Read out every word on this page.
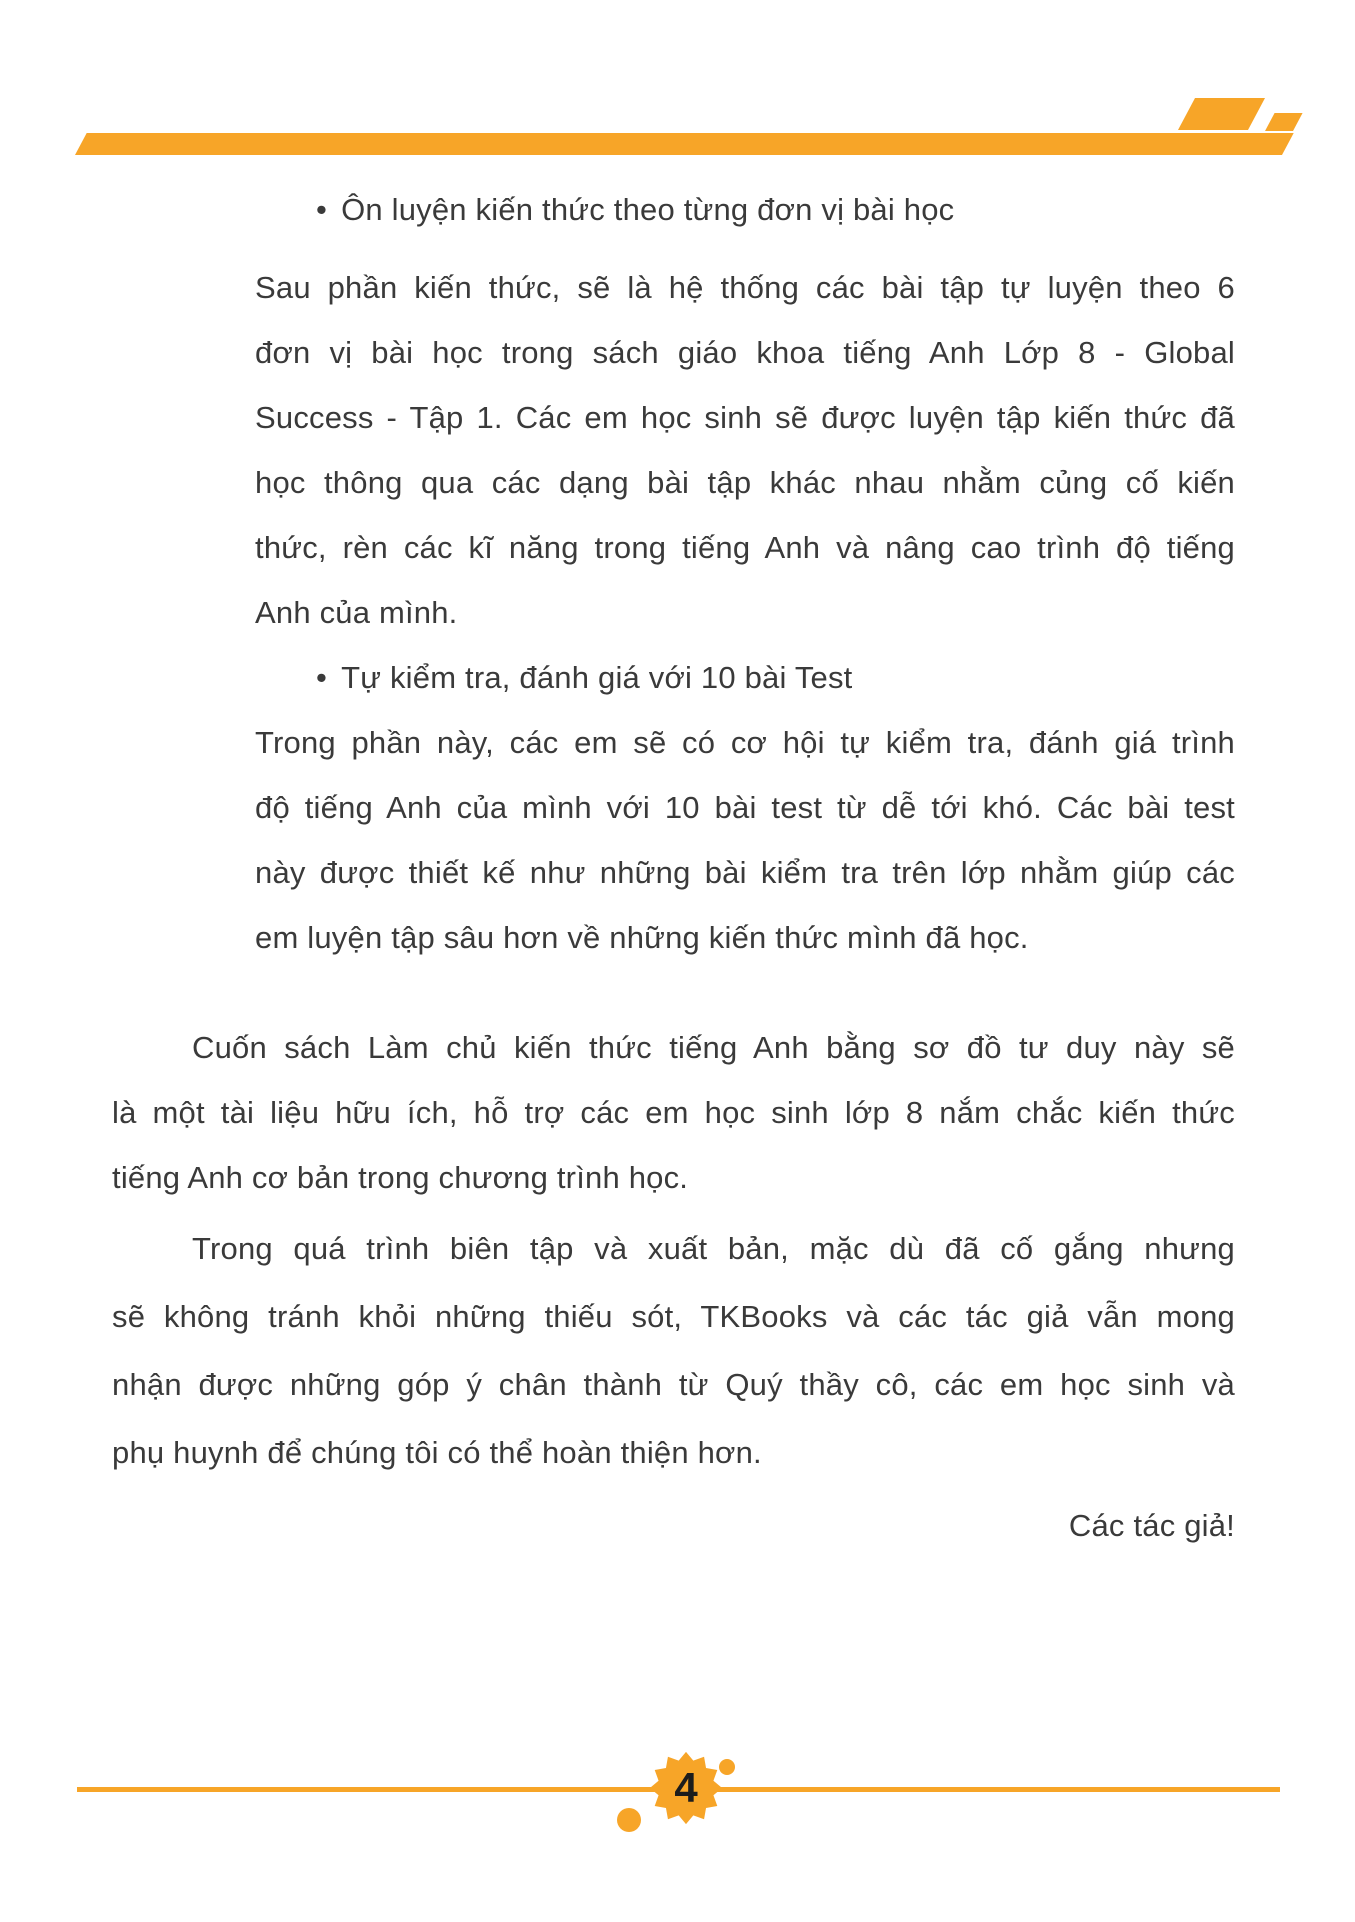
• Ôn luyện kiến thức theo từng đơn vị bài học
Sau phần kiến thức, sẽ là hệ thống các bài tập tự luyện theo 6
đơn vị bài học trong sách giáo khoa tiếng Anh Lớp 8 - Global
Success - Tập 1. Các em học sinh sẽ được luyện tập kiến thức đã
học thông qua các dạng bài tập khác nhau nhằm củng cố kiến
thức, rèn các kĩ năng trong tiếng Anh và nâng cao trình độ tiếng
Anh của mình.
• Tự kiểm tra, đánh giá với 10 bài Test
Trong phần này, các em sẽ có cơ hội tự kiểm tra, đánh giá trình
độ tiếng Anh của mình với 10 bài test từ dễ tới khó. Các bài test
này được thiết kế như những bài kiểm tra trên lớp nhằm giúp các
em luyện tập sâu hơn về những kiến thức mình đã học.
Cuốn sách Làm chủ kiến thức tiếng Anh bằng sơ đồ tư duy này sẽ
là một tài liệu hữu ích, hỗ trợ các em học sinh lớp 8 nắm chắc kiến thức
tiếng Anh cơ bản trong chương trình học.
Trong quá trình biên tập và xuất bản, mặc dù đã cố gắng nhưng
sẽ không tránh khỏi những thiếu sót, TKBooks và các tác giả vẫn mong
nhận được những góp ý chân thành từ Quý thầy cô, các em học sinh và
phụ huynh để chúng tôi có thể hoàn thiện hơn.
Các tác giả!
4
